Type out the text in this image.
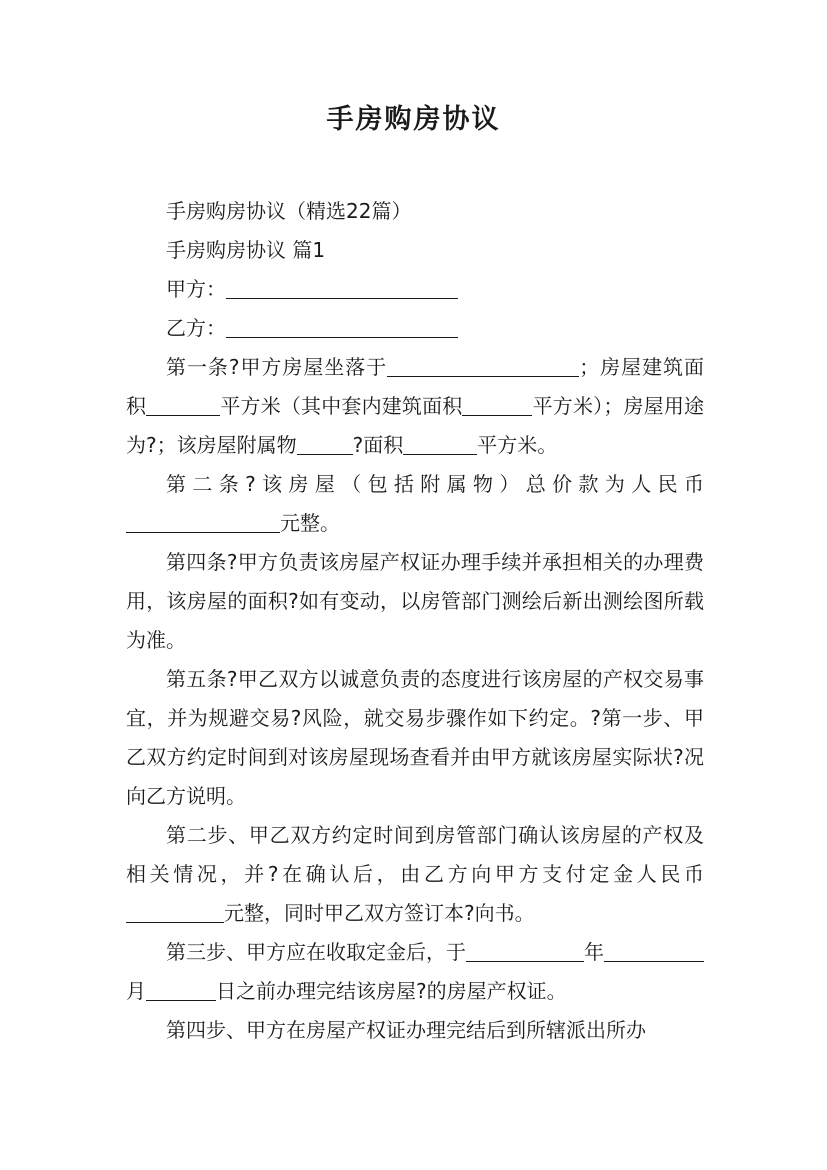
手房购房协议

手房购房协议（精选22篇）

手房购房协议 篇1

甲方：

乙方：

第一条?甲方房屋坐落于	；房屋建筑面积	平方米（其中套内建筑面积	平方米）；房屋用途为?；该房屋附属物	?面积	平方米。

第二条?该房屋（包括附属物）总价款为人民币元整。

第四条?甲方负责该房屋产权证办理手续并承担相关的办理费用，该房屋的面积?如有变动，以房管部门测绘后新出测绘图所载为准。

第五条?甲乙双方以诚意负责的态度进行该房屋的产权交易事宜，并为规避交易?风险，就交易步骤作如下约定。?第一步、甲乙双方约定时间到对该房屋现场查看并由甲方就该房屋实际状?况向乙方说明。

第二步、甲乙双方约定时间到房管部门确认该房屋的产权及相关情况，并?在确认后，由乙方向甲方支付定金人民币元整，同时甲乙双方签订本?向书。

第三步、甲方应在收取定金后，于	年月	日之前办理完结该房屋?的房屋产权证。

第四步、甲方在房屋产权证办理完结后到所辖派出所办
